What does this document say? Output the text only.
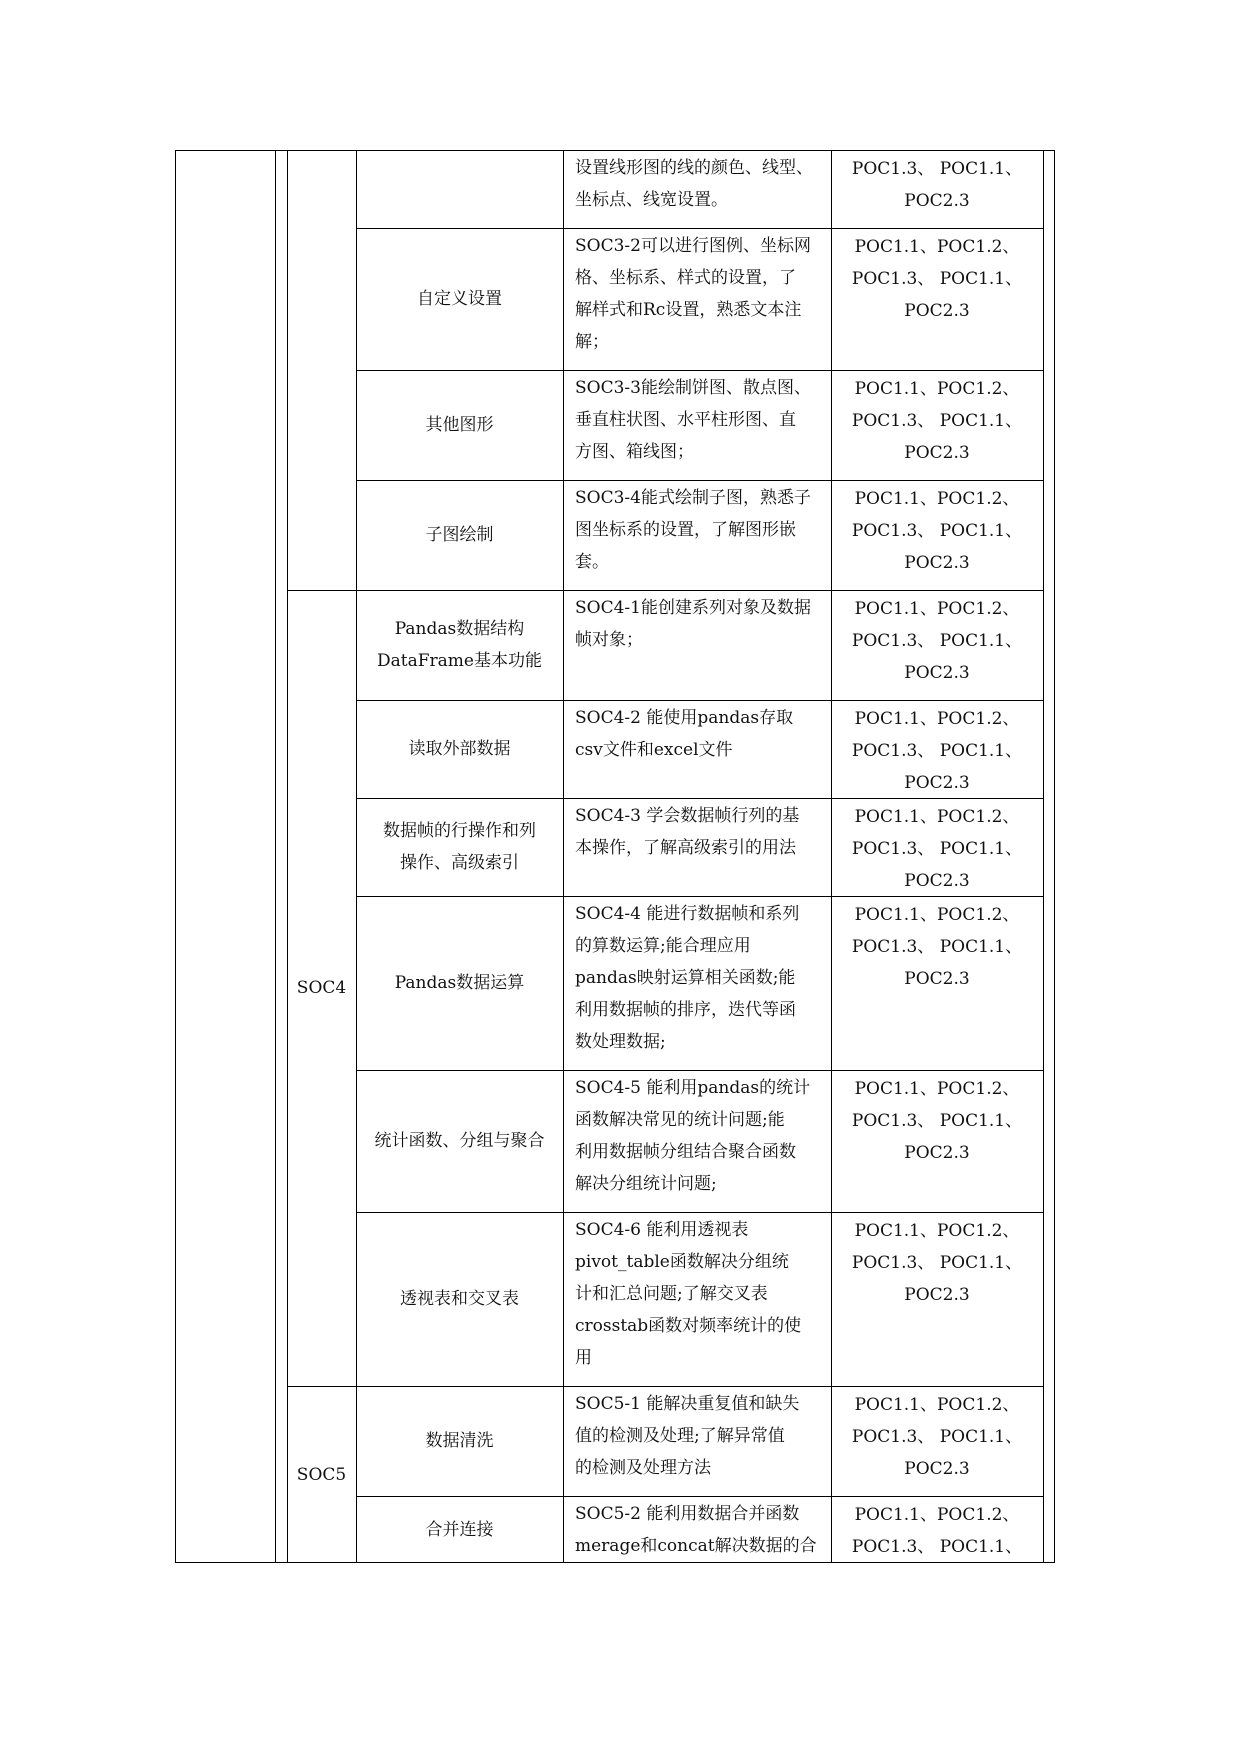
设置线形图的线的颜色、线型、
坐标点、线宽设置。
POC1.3、 POC1.1、
POC2.3
自定义设置
SOC3-2可以进行图例、坐标网
格、坐标系、样式的设置，了
解样式和Rc设置，熟悉文本注
解；
POC1.1、POC1.2、
POC1.3、 POC1.1、
POC2.3
其他图形
SOC3-3能绘制饼图、散点图、
垂直柱状图、水平柱形图、直
方图、箱线图；
POC1.1、POC1.2、
POC1.3、 POC1.1、
POC2.3
子图绘制
SOC3-4能式绘制子图，熟悉子
图坐标系的设置，了解图形嵌
套。
POC1.1、POC1.2、
POC1.3、 POC1.1、
POC2.3
Pandas数据结构
DataFrame基本功能
SOC4-1能创建系列对象及数据
帧对象；
POC1.1、POC1.2、
POC1.3、 POC1.1、
POC2.3
读取外部数据
SOC4-2 能使用pandas存取
csv文件和excel文件
POC1.1、POC1.2、
POC1.3、 POC1.1、
POC2.3
数据帧的行操作和列
操作、高级索引
SOC4-3 学会数据帧行列的基
本操作，了解高级索引的用法
POC1.1、POC1.2、
POC1.3、 POC1.1、
POC2.3
Pandas数据运算
SOC4-4 能进行数据帧和系列
的算数运算;能合理应用
pandas映射运算相关函数;能
利用数据帧的排序，迭代等函
数处理数据;
POC1.1、POC1.2、
POC1.3、 POC1.1、
POC2.3
统计函数、分组与聚合
SOC4-5 能利用pandas的统计
函数解决常见的统计问题;能
利用数据帧分组结合聚合函数
解决分组统计问题;
POC1.1、POC1.2、
POC1.3、 POC1.1、
POC2.3
透视表和交叉表
SOC4-6 能利用透视表
pivot_table函数解决分组统
计和汇总问题;了解交叉表
crosstab函数对频率统计的使
用
POC1.1、POC1.2、
POC1.3、 POC1.1、
POC2.3
数据清洗
SOC5-1 能解决重复值和缺失
值的检测及处理;了解异常值
的检测及处理方法
POC1.1、POC1.2、
POC1.3、 POC1.1、
POC2.3
合并连接
SOC5-2 能利用数据合并函数
merage和concat解决数据的合
POC1.1、POC1.2、
POC1.3、 POC1.1、
SOC4
SOC5
